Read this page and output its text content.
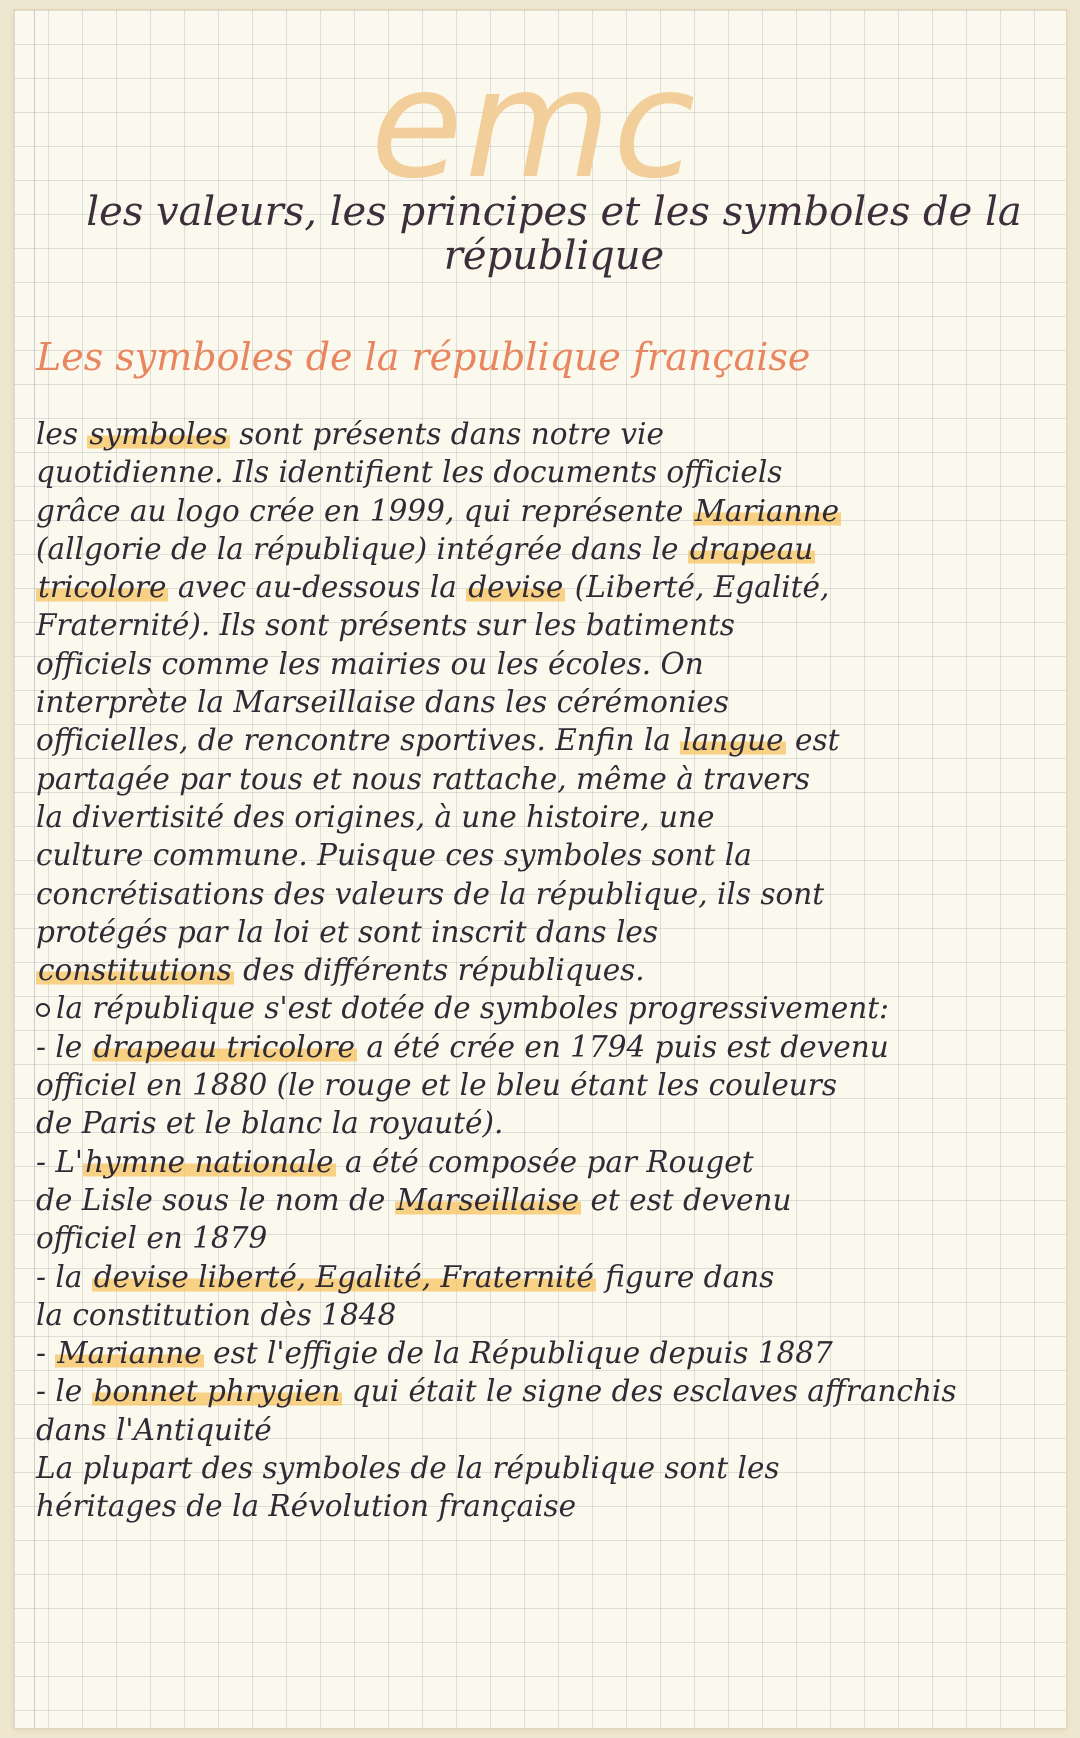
emc
les valeurs, les principes et les symboles de la
république
Les symboles de la république française
les symboles sont présents dans notre vie
quotidienne. Ils identifient les documents officiels
grâce au logo crée en 1999, qui représente Marianne
(allgorie de la république) intégrée dans le drapeau
tricolore avec au-dessous la devise (Liberté, Egalité,
Fraternité). Ils sont présents sur les batiments
officiels comme les mairies ou les écoles. On
interprète la Marseillaise dans les cérémonies
officielles, de rencontre sportives. Enfin la langue est
partagée par tous et nous rattache, même à travers
la divertisité des origines, à une histoire, une
culture commune. Puisque ces symboles sont la
concrétisations des valeurs de la république, ils sont
protégés par la loi et sont inscrit dans les
constitutions des différents républiques.
la république s'est dotée de symboles progressivement:
- le drapeau tricolore a été crée en 1794 puis est devenu
officiel en 1880 (le rouge et le bleu étant les couleurs
de Paris et le blanc la royauté).
- L'hymne nationale a été composée par Rouget
de Lisle sous le nom de Marseillaise et est devenu
officiel en 1879
- la devise liberté, Egalité, Fraternité figure dans
la constitution dès 1848
- Marianne est l'effigie de la République depuis 1887
- le bonnet phrygien qui était le signe des esclaves affranchis
dans l'Antiquité
La plupart des symboles de la république sont les
héritages de la Révolution française
